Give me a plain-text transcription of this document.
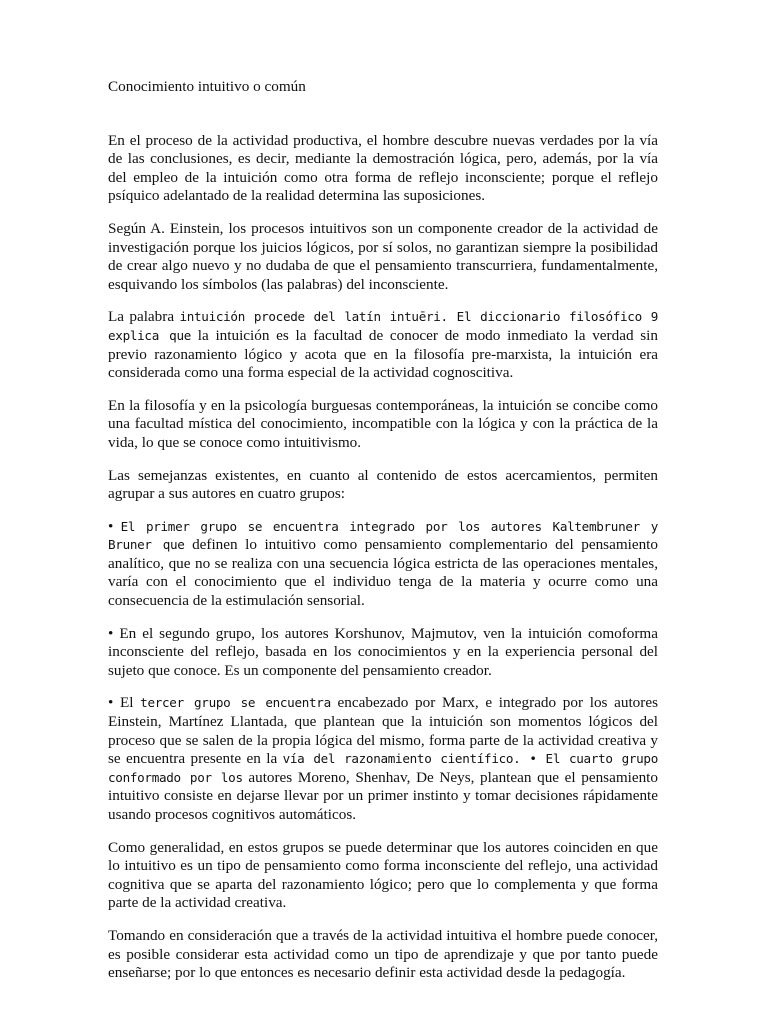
Conocimiento intuitivo o común

En el proceso de la actividad productiva, el hombre descubre nuevas verdades por la vía de las conclusiones, es decir, mediante la demostración lógica, pero, además, por la vía del empleo de la intuición como otra forma de reflejo inconsciente; porque el reflejo psíquico adelantado de la realidad determina las suposiciones.

Según A. Einstein, los procesos intuitivos son un componente creador de la actividad de investigación porque los juicios lógicos, por sí solos, no garantizan siempre la posibilidad de crear algo nuevo y no dudaba de que el pensamiento transcurriera, fundamentalmente, esquivando los símbolos (las palabras) del inconsciente.

La palabra intuición procede del latín intuēri. El diccionario filosófico 9 explica que la intuición es la facultad de conocer de modo inmediato la verdad sin previo razonamiento lógico y acota que en la filosofía pre-marxista, la intuición era considerada como una forma especial de la actividad cognoscitiva.

En la filosofía y en la psicología burguesas contemporáneas, la intuición se concibe como una facultad mística del conocimiento, incompatible con la lógica y con la práctica de la vida, lo que se conoce como intuitivismo.

Las semejanzas existentes, en cuanto al contenido de estos acercamientos, permiten agrupar a sus autores en cuatro grupos:

• El primer grupo se encuentra integrado por los autores Kaltembruner y Bruner que definen lo intuitivo como pensamiento complementario del pensamiento analítico, que no se realiza con una secuencia lógica estricta de las operaciones mentales, varía con el conocimiento que el individuo tenga de la materia y ocurre como una consecuencia de la estimulación sensorial.

• En el segundo grupo, los autores Korshunov, Majmutov, ven la intuición comoforma inconsciente del reflejo, basada en los conocimientos y en la experiencia personal del sujeto que conoce. Es un componente del pensamiento creador.

• El tercer grupo se encuentra encabezado por Marx, e integrado por los autores Einstein, Martínez Llantada, que plantean que la intuición son momentos lógicos del proceso que se salen de la propia lógica del mismo, forma parte de la actividad creativa y se encuentra presente en la vía del razonamiento científico. • El cuarto grupo conformado por los autores Moreno, Shenhav, De Neys, plantean que el pensamiento intuitivo consiste en dejarse llevar por un primer instinto y tomar decisiones rápidamente usando procesos cognitivos automáticos.

Como generalidad, en estos grupos se puede determinar que los autores coinciden en que lo intuitivo es un tipo de pensamiento como forma inconsciente del reflejo, una actividad cognitiva que se aparta del razonamiento lógico; pero que lo complementa y que forma parte de la actividad creativa.

Tomando en consideración que a través de la actividad intuitiva el hombre puede conocer, es posible considerar esta actividad como un tipo de aprendizaje y que por tanto puede enseñarse; por lo que entonces es necesario definir esta actividad desde la pedagogía.
